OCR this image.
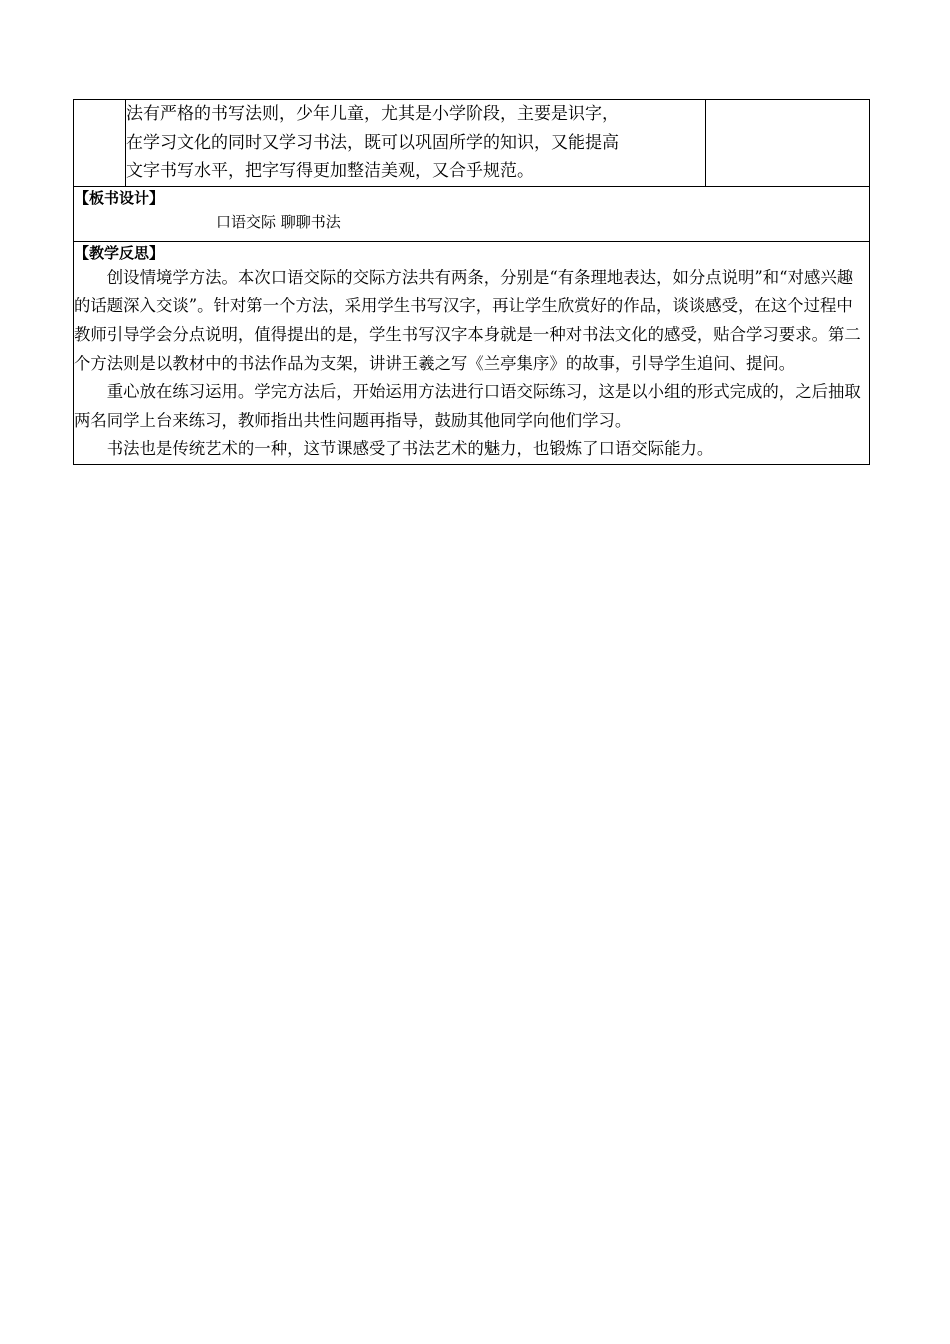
法有严格的书写法则，少年儿童，尤其是小学阶段，主要是识字，

在学习文化的同时又学习书法，既可以巩固所学的知识，又能提高

文字书写水平，把字写得更加整洁美观，又合乎规范。

【板书设计】

口语交际 聊聊书法

【教学反思】

创设情境学方法。本次口语交际的交际方法共有两条，分别是“有条理地表达，如分点说明”和“对感兴趣的话题深入交谈”。针对第一个方法，采用学生书写汉字，再让学生欣赏好的作品，谈谈感受，在这个过程中教师引导学会分点说明，值得提出的是，学生书写汉字本身就是一种对书法文化的感受，贴合学习要求。第二个方法则是以教材中的书法作品为支架，讲讲王羲之写《兰亭集序》的故事，引导学生追问、提问。

重心放在练习运用。学完方法后，开始运用方法进行口语交际练习，这是以小组的形式完成的，之后抽取两名同学上台来练习，教师指出共性问题再指导，鼓励其他同学向他们学习。

书法也是传统艺术的一种，这节课感受了书法艺术的魅力，也锻炼了口语交际能力。
